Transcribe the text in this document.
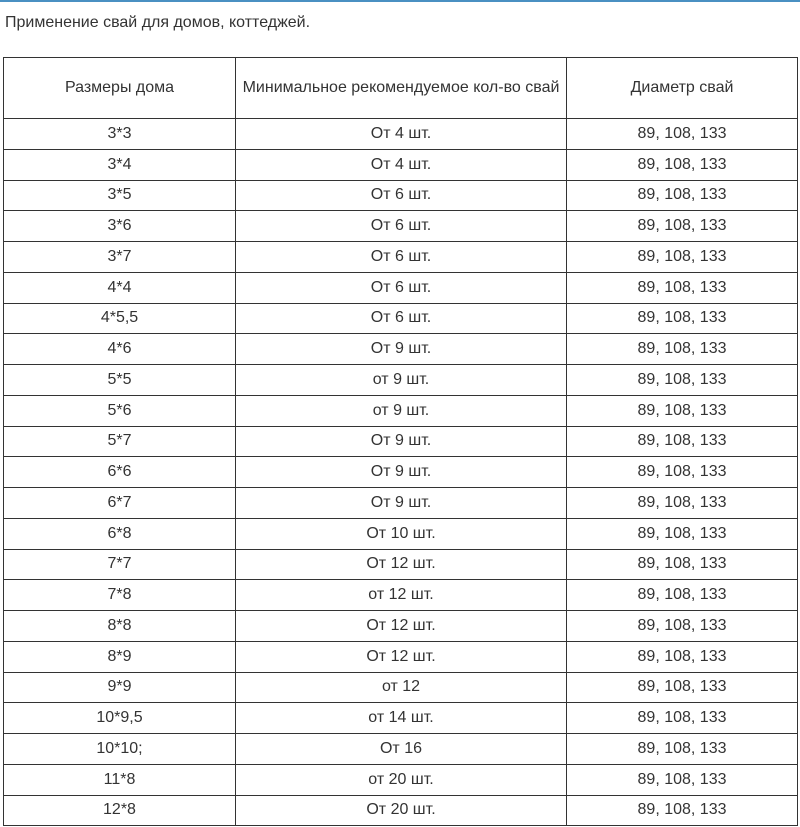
Применение свай для домов, коттеджей.
Размеры дома	Минимальное рекомендуемое кол-во свай	Диаметр свай
3*3	От 4 шт.	89, 108, 133
3*4	От 4 шт.	89, 108, 133
3*5	От 6 шт.	89, 108, 133
3*6	От 6 шт.	89, 108, 133
3*7	От 6 шт.	89, 108, 133
4*4	От 6 шт.	89, 108, 133
4*5,5	От 6 шт.	89, 108, 133
4*6	От 9 шт.	89, 108, 133
5*5	от 9 шт.	89, 108, 133
5*6	от 9 шт.	89, 108, 133
5*7	От 9 шт.	89, 108, 133
6*6	От 9 шт.	89, 108, 133
6*7	От 9 шт.	89, 108, 133
6*8	От 10 шт.	89, 108, 133
7*7	От 12 шт.	89, 108, 133
7*8	от 12 шт.	89, 108, 133
8*8	От 12 шт.	89, 108, 133
8*9	От 12 шт.	89, 108, 133
9*9	от 12	89, 108, 133
10*9,5	от 14 шт.	89, 108, 133
10*10;	От 16	89, 108, 133
11*8	от 20 шт.	89, 108, 133
12*8	От 20 шт.	89, 108, 133
